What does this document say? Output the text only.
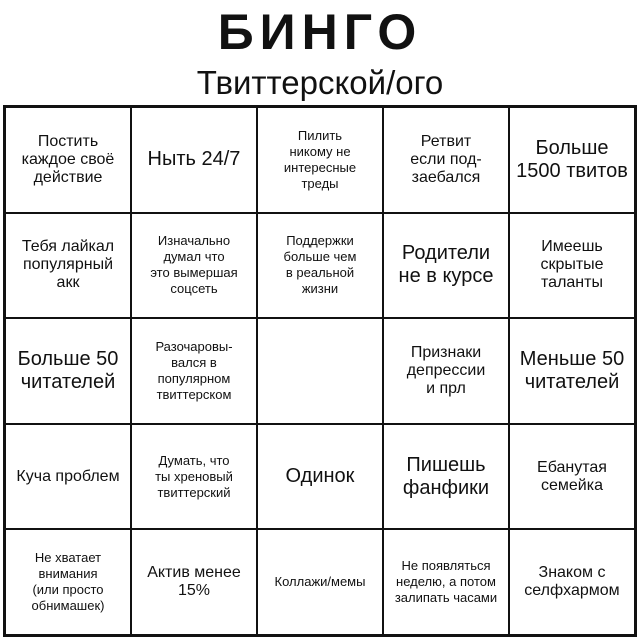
БИНГО
Твиттерской/ого
Постить
каждое своё
действие
Ныть 24/7
Пилить
никому не
интересные
треды
Ретвит
если под-
заебался
Больше
1500 твитов
Тебя лайкал
популярный
акк
Изначально
думал что
это вымершая
соцсеть
Поддержки
больше чем
в реальной
жизни
Родители
не в курсе
Имеешь
скрытые
таланты
Больше 50
читателей
Разочаровы-
вался в
популярном
твиттерском
Признаки
депрессии
и прл
Меньше 50
читателей
Куча проблем
Думать, что
ты хреновый
твиттерский
Одинок
Пишешь
фанфики
Ебанутая
семейка
Не хватает
внимания
(или просто
обнимашек)
Актив менее
15%
Коллажи/мемы
Не появляться
неделю, а потом
залипать часами
Знаком с
селфхармом
